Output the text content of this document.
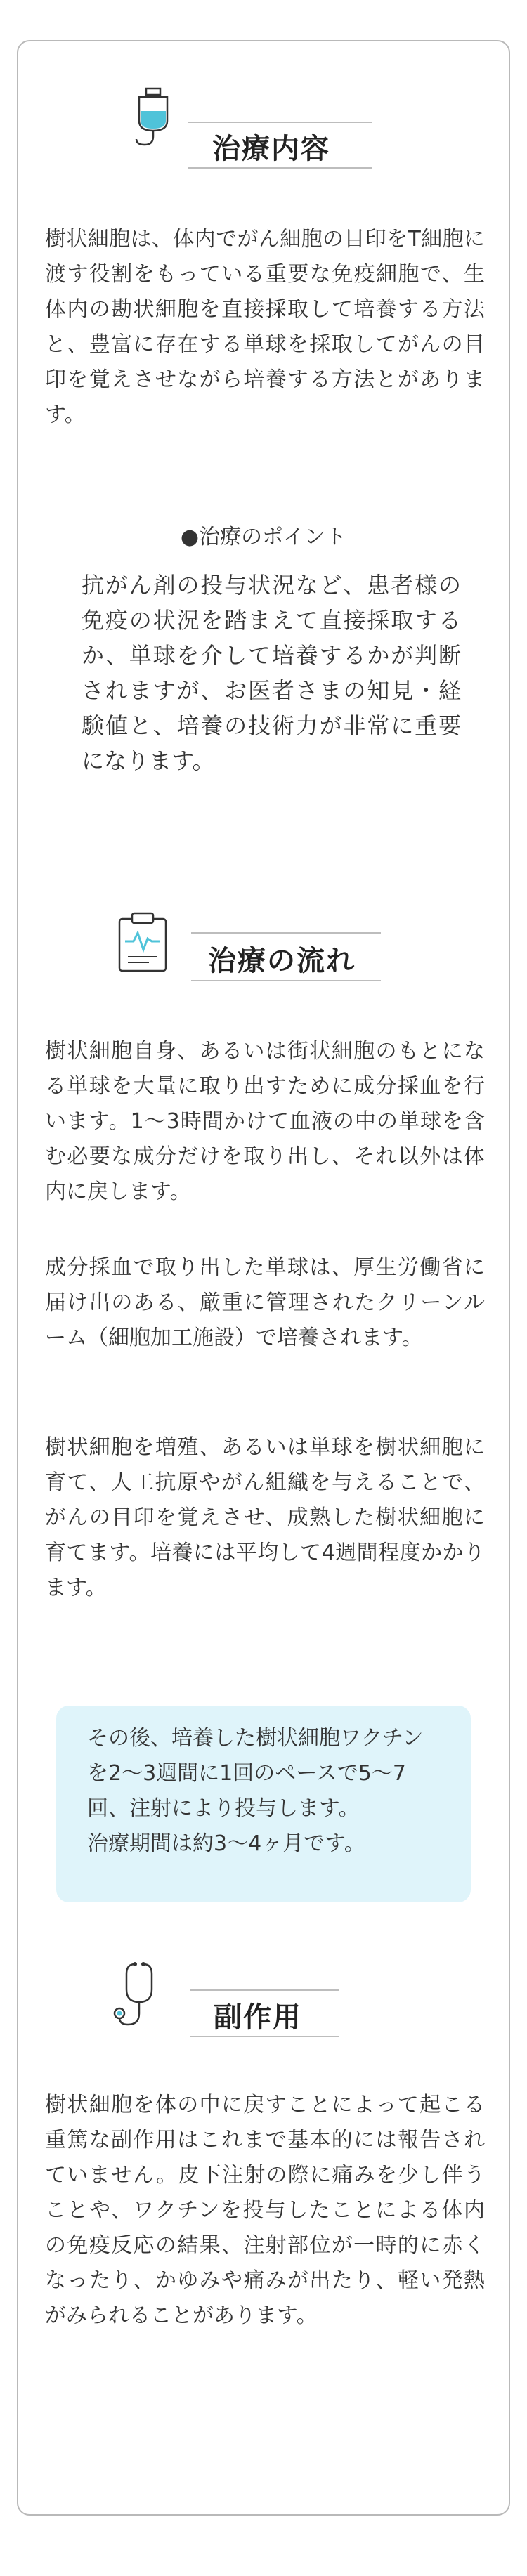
治療内容

樹状細胞は、体内でがん細胞の目印をT細胞に渡す役割をもっている重要な免疫細胞で、生体内の勘状細胞を直接採取して培養する方法と、豊富に存在する単球を採取してがんの目印を覚えさせながら培養する方法とがあります。

●治療のポイント

抗がん剤の投与状況など、患者様の免疫の状況を踏まえて直接採取するか、単球を介して培養するかが判断されますが、お医者さまの知見・経験値と、培養の技術力が非常に重要になります。

治療の流れ

樹状細胞自身、あるいは街状細胞のもとになる単球を大量に取り出すために成分採血を行います。1～3時間かけて血液の中の単球を含む必要な成分だけを取り出し、それ以外は体内に戻します。

成分採血で取り出した単球は、厚生労働省に届け出のある、厳重に管理されたクリーンルーム（細胞加工施設）で培養されます。

樹状細胞を増殖、あるいは単球を樹状細胞に育て、人工抗原やがん組織を与えることで、がんの目印を覚えさせ、成熟した樹状細胞に育てます。培養には平均して4週間程度かかります。

その後、培養した樹状細胞ワクチンを2～3週間に1回のペースで5～7回、注射により投与します。

治療期間は約3～4ヶ月です。

副作用

樹状細胞を体の中に戻すことによって起こる重篤な副作用はこれまで基本的には報告されていません。皮下注射の際に痛みを少し伴うことや、ワクチンを投与したことによる体内の免疫反応の結果、注射部位が一時的に赤くなったり、かゆみや痛みが出たり、軽い発熱がみられることがあります。
